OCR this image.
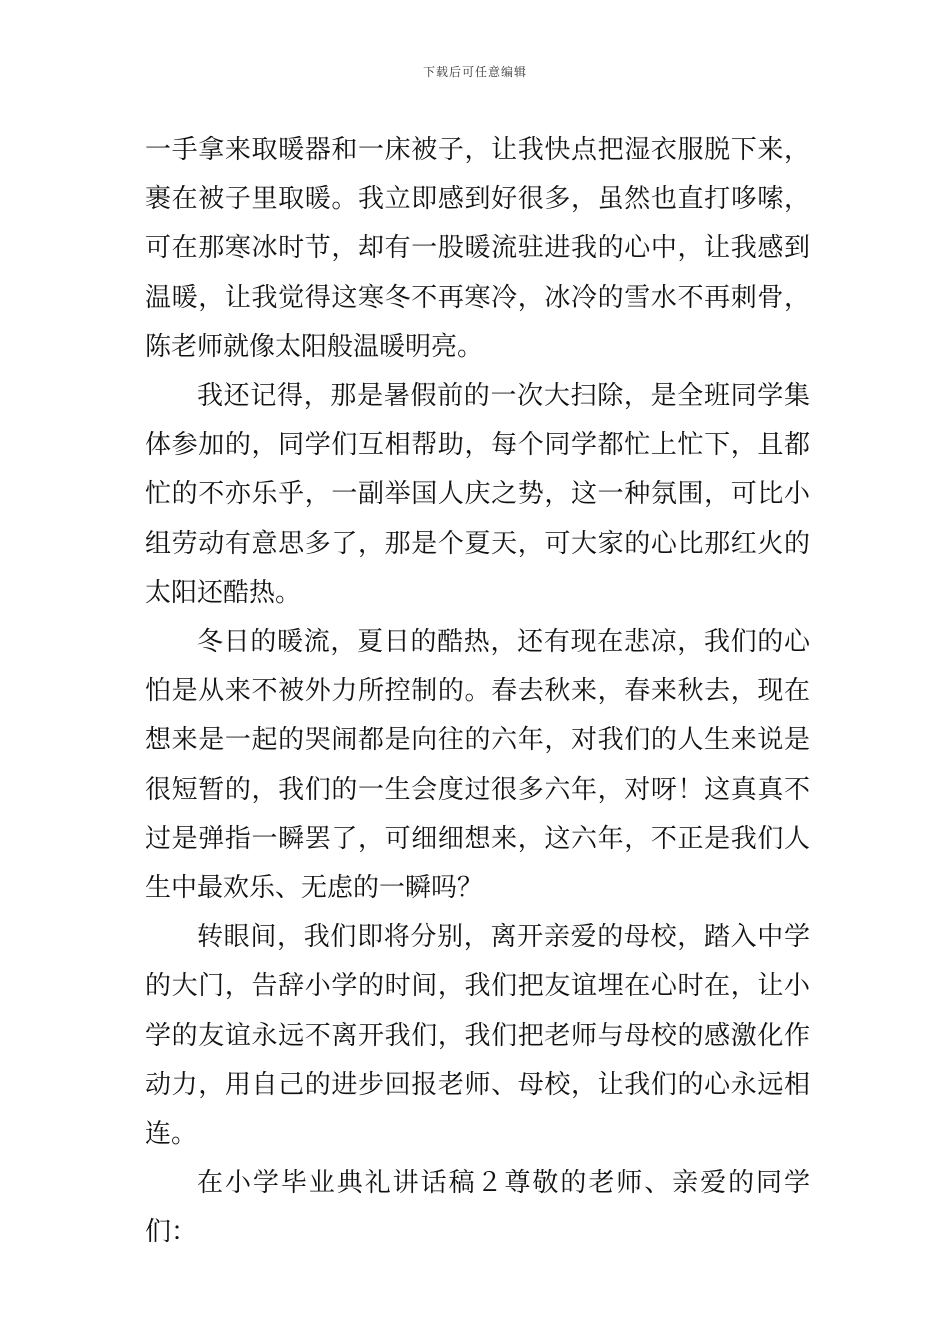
下载后可任意编辑

一手拿来取暖器和一床被子，让我快点把湿衣服脱下来，裹在被子里取暖。我立即感到好很多，虽然也直打哆嗦，可在那寒冰时节，却有一股暖流驻进我的心中，让我感到温暖，让我觉得这寒冬不再寒冷，冰冷的雪水不再刺骨，陈老师就像太阳般温暖明亮。

我还记得，那是暑假前的一次大扫除，是全班同学集体参加的，同学们互相帮助，每个同学都忙上忙下，且都忙的不亦乐乎，一副举国人庆之势，这一种氛围，可比小组劳动有意思多了，那是个夏天，可大家的心比那红火的太阳还酷热。

冬日的暖流，夏日的酷热，还有现在悲凉，我们的心怕是从来不被外力所控制的。春去秋来，春来秋去，现在想来是一起的哭闹都是向往的六年，对我们的人生来说是很短暂的，我们的一生会度过很多六年，对呀！这真真不过是弹指一瞬罢了，可细细想来，这六年，不正是我们人生中最欢乐、无虑的一瞬吗？

转眼间，我们即将分别，离开亲爱的母校，踏入中学的大门，告辞小学的时间，我们把友谊埋在心时在，让小学的友谊永远不离开我们，我们把老师与母校的感激化作动力，用自己的进步回报老师、母校，让我们的心永远相连。

在小学毕业典礼讲话稿２尊敬的老师、亲爱的同学们：
